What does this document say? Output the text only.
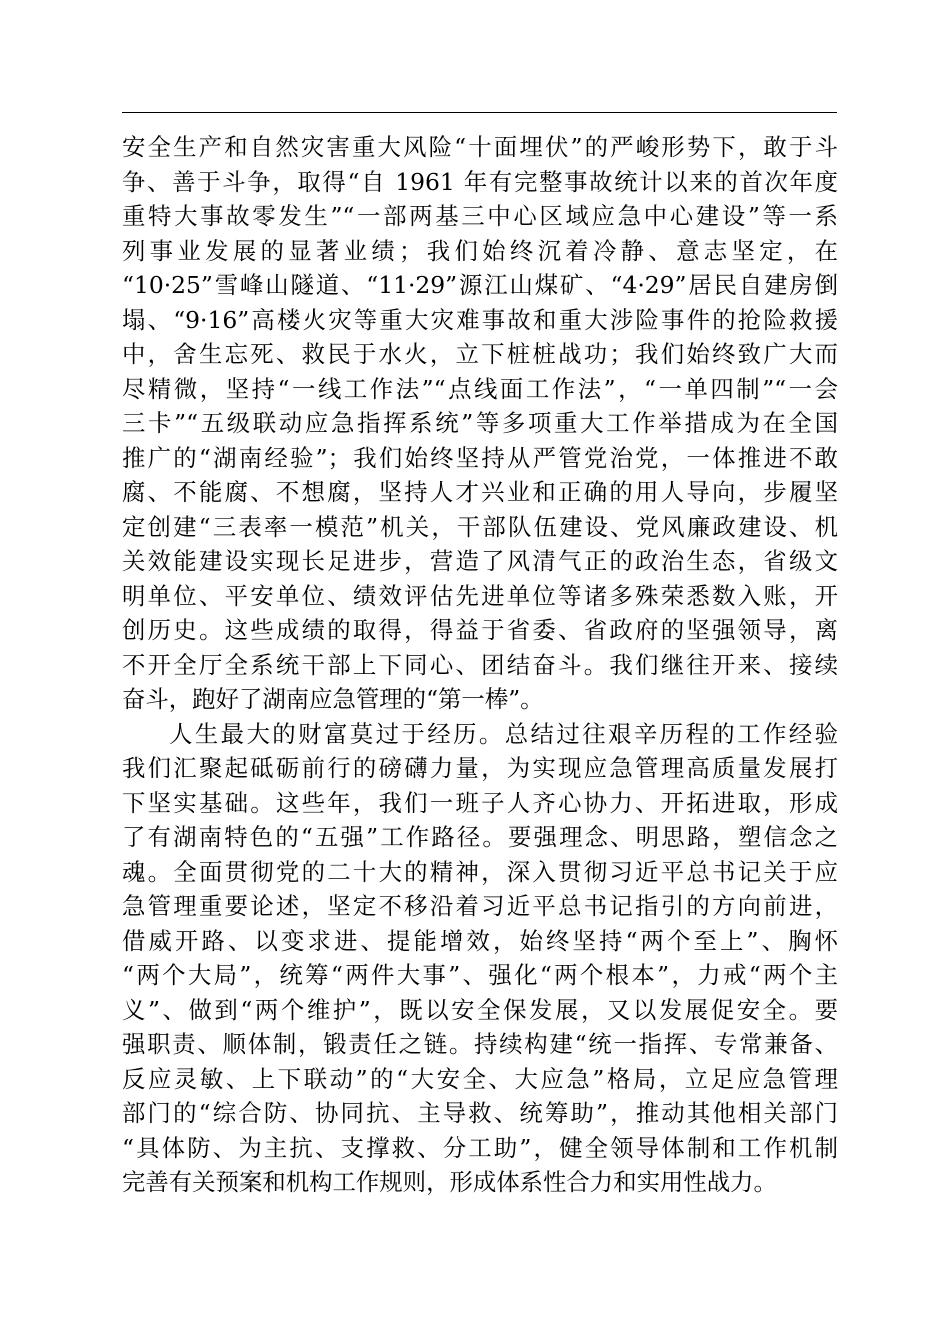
安全生产和自然灾害重大风险“十面埋伏”的严峻形势下，敢于斗
争、善于斗争，取得“自 1961 年有完整事故统计以来的首次年度
重特大事故零发生”“一部两基三中心区域应急中心建设”等一系
列事业发展的显著业绩；我们始终沉着冷静、意志坚定，在
“10·25”雪峰山隧道、“11·29”源江山煤矿、“4·29”居民自建房倒
塌、“9·16”高楼火灾等重大灾难事故和重大涉险事件的抢险救援
中，舍生忘死、救民于水火，立下桩桩战功；我们始终致广大而
尽精微，坚持“一线工作法”“点线面工作法”，“一单四制”“一会
三卡”“五级联动应急指挥系统”等多项重大工作举措成为在全国
推广的“湖南经验”；我们始终坚持从严管党治党，一体推进不敢
腐、不能腐、不想腐，坚持人才兴业和正确的用人导向，步履坚
定创建“三表率一模范”机关，干部队伍建设、党风廉政建设、机
关效能建设实现长足进步，营造了风清气正的政治生态，省级文
明单位、平安单位、绩效评估先进单位等诸多殊荣悉数入账，开
创历史。这些成绩的取得，得益于省委、省政府的坚强领导，离
不开全厅全系统干部上下同心、团结奋斗。我们继往开来、接续
奋斗，跑好了湖南应急管理的“第一棒”。
人生最大的财富莫过于经历。总结过往艰辛历程的工作经验
我们汇聚起砥砺前行的磅礴力量，为实现应急管理高质量发展打
下坚实基础。这些年，我们一班子人齐心协力、开拓进取，形成
了有湖南特色的“五强”工作路径。要强理念、明思路，塑信念之
魂。全面贯彻党的二十大的精神，深入贯彻习近平总书记关于应
急管理重要论述，坚定不移沿着习近平总书记指引的方向前进，
借威开路、以变求进、提能增效，始终坚持“两个至上”、胸怀
“两个大局”，统筹“两件大事”、强化“两个根本”，力戒“两个主
义”、做到“两个维护”，既以安全保发展，又以发展促安全。要
强职责、顺体制，锻责任之链。持续构建“统一指挥、专常兼备、
反应灵敏、上下联动”的“大安全、大应急”格局，立足应急管理
部门的“综合防、协同抗、主导救、统筹助”，推动其他相关部门
“具体防、为主抗、支撑救、分工助”，健全领导体制和工作机制
完善有关预案和机构工作规则，形成体系性合力和实用性战力。
